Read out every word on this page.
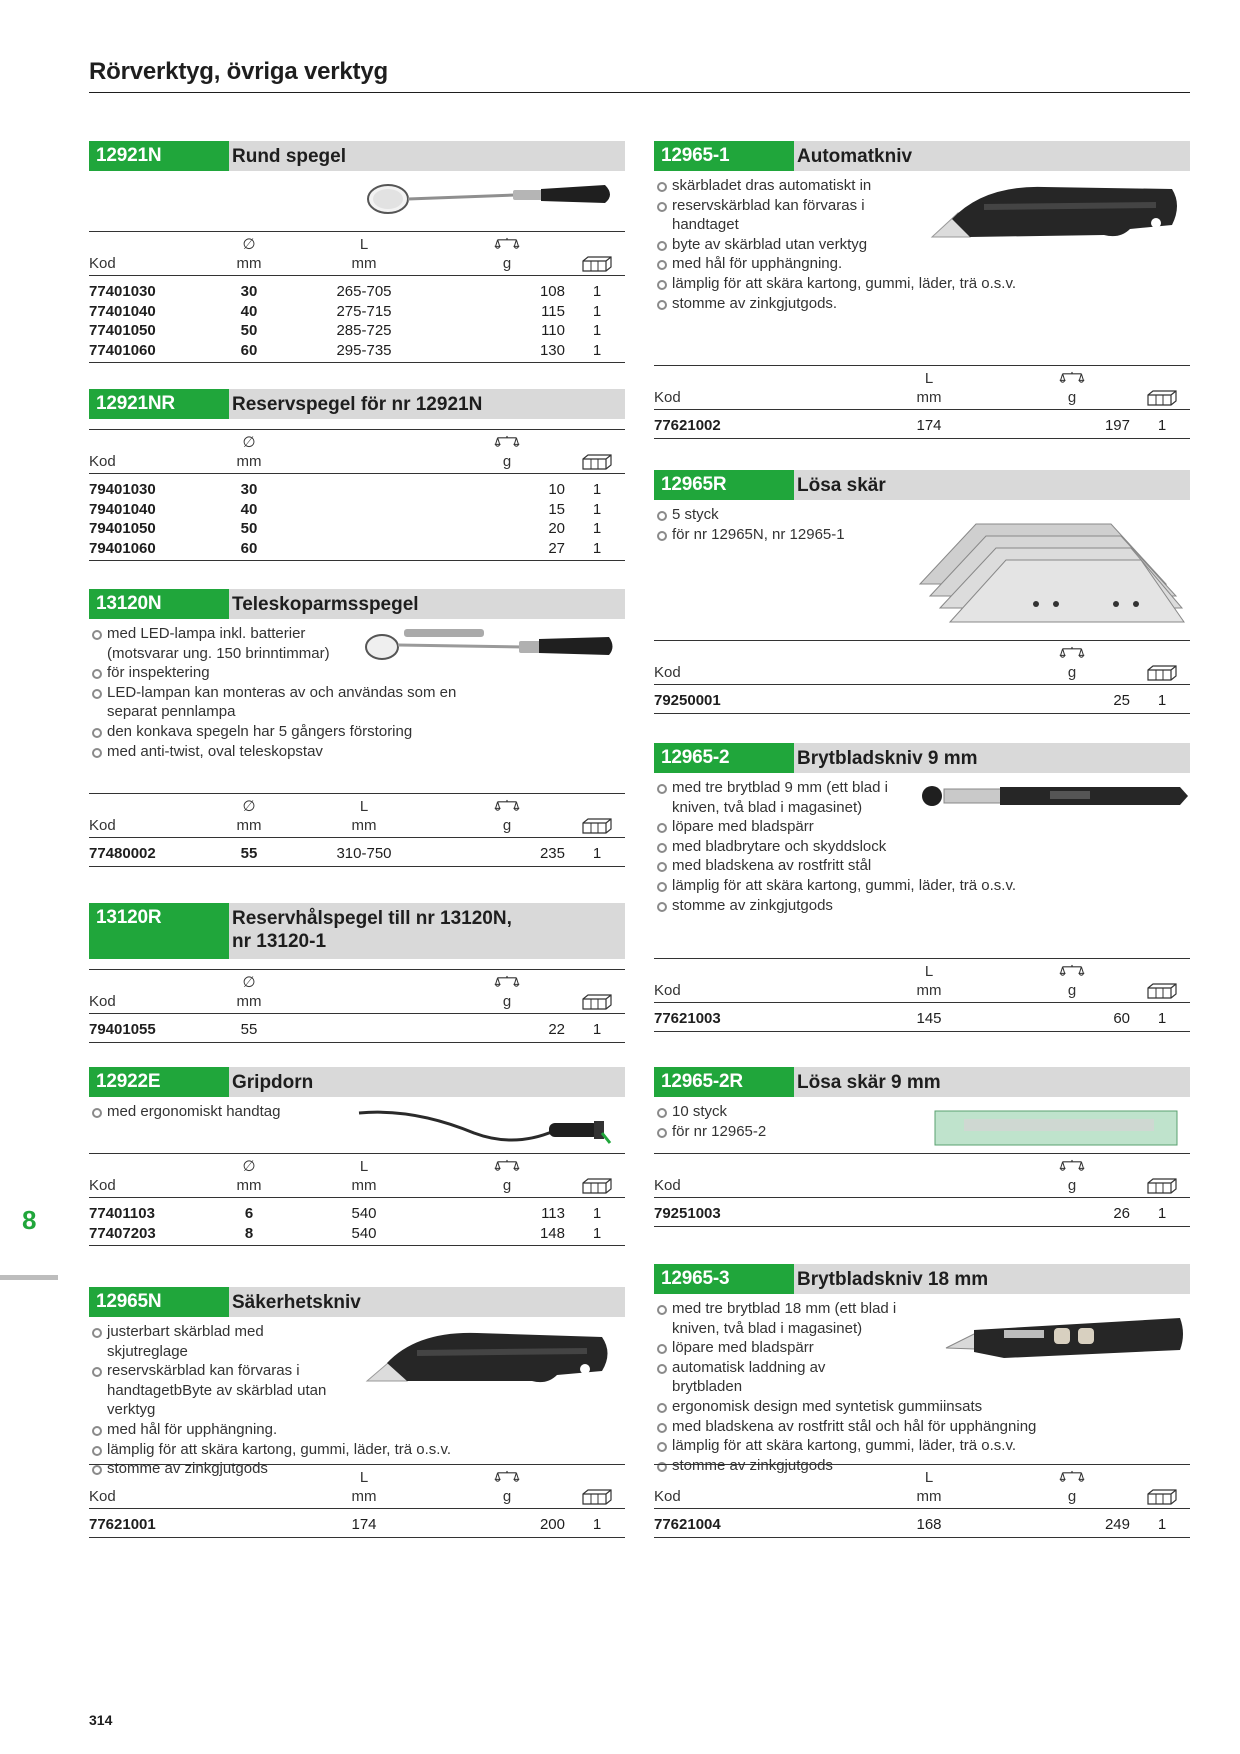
Rörverktyg, övriga verktyg
12921N	Rund spegel
	∅	L		
Kod	mm	mm	g	
77401030	30	265-705	108	1
77401040	40	275-715	115	1
77401050	50	285-725	110	1
77401060	60	295-735	130	1
12921NR	Reservspegel för nr 12921N
	∅			
Kod	mm		g	
79401030	30		10	1
79401040	40		15	1
79401050	50		20	1
79401060	60		27	1
13120N	Teleskoparmsspegel
med LED-lampa inkl. batterier (motsvarar ung. 150 brinntimmar)
för inspektering
LED-lampan kan monteras av och användas som en separat pennlampa
den konkava spegeln har 5 gångers förstoring
med anti-twist, oval teleskopstav
	∅	L		
Kod	mm	mm	g	
77480002	55	310-750	235	1
13120R	Reservhålspegel till nr 13120N,
nr 13120-1
	∅			
Kod	mm		g	
79401055	55		22	1
12922E	Gripdorn
med ergonomiskt handtag
	∅	L		
Kod	mm	mm	g	
77401103	6	540	113	1
77407203	8	540	148	1
12965N	Säkerhetskniv
justerbart skärblad med skjutreglage
reservskärblad kan förvaras i handtagetbByte av skärblad utan verktyg
med hål för upphängning.
lämplig för att skära kartong, gummi, läder, trä o.s.v.
stomme av zinkgjutgods
			L		
Kod		mm	g	
77621001		174	200	1
12965-1	Automatkniv
skärbladet dras automatiskt in
reservskärblad kan förvaras i handtaget
byte av skärblad utan verktyg
med hål för upphängning.
lämplig för att skära kartong, gummi, läder, trä o.s.v.
stomme av zinkgjutgods.
		L		
Kod		mm	g	
77621002		174	197	1
12965R	Lösa skär
5 styck
för nr 12965N, nr 12965-1

Kod			g	
79250001			25	1
12965-2	Brytbladskniv 9 mm
med tre brytblad 9 mm (ett blad i kniven, två blad i magasinet)
löpare med bladspärr
med bladbrytare och skyddslock
med bladskena av rostfritt stål
lämplig för att skära kartong, gummi, läder, trä o.s.v.
stomme av zinkgjutgods
		L		
Kod		mm	g	
77621003		145	60	1
12965-2R	Lösa skär 9 mm
10 styck
för nr 12965-2

Kod			g	
79251003			26	1
12965-3	Brytbladskniv 18 mm
med tre brytblad 18 mm (ett blad i kniven, två blad i magasinet)
löpare med bladspärr
automatisk laddning av brytbladen
ergonomisk design med syntetisk gummiinsats
med bladskena av rostfritt stål och hål för upphängning
lämplig för att skära kartong, gummi, läder, trä o.s.v.
stomme av zinkgjutgods
		L		
Kod		mm	g	
77621004		168	249	1
8
314
